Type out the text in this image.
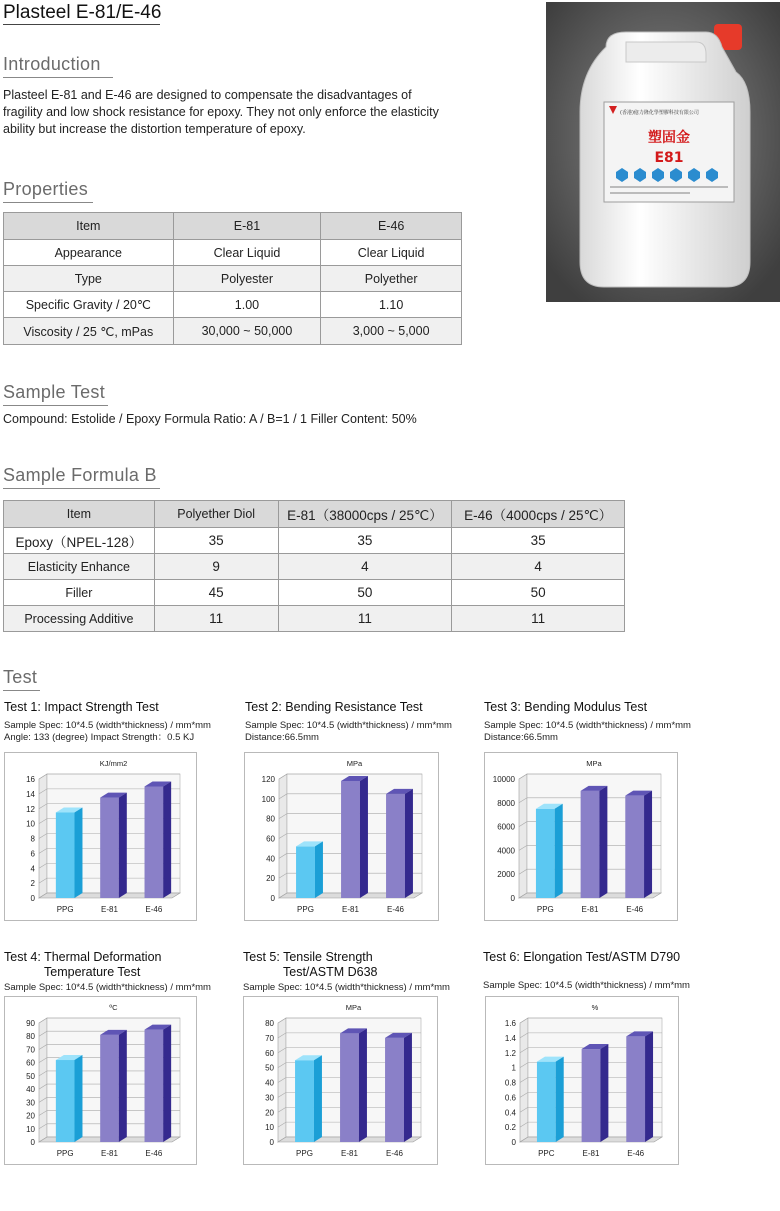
Plasteel E-81/E-46
Introduction
Plasteel E-81 and E-46 are designed to compensate the disadvantages of fragility and low shock resistance for epoxy. They not only enforce the elasticity ability but increase the distortion temperature of epoxy.
(香港)億力隆化學塑膠科技有限公司
塑固金
E81
Properties
Item	E-81	E-46
Appearance	Clear Liquid	Clear Liquid
Type	Polyester	Polyether
Specific Gravity / 20℃	1.00	1.10
Viscosity / 25 ℃, mPas	30,000 ~ 50,000	3,000 ~ 5,000
Sample Test
Compound: Estolide / Epoxy Formula Ratio: A / B=1 / 1 Filler Content: 50%
Sample Formula B
Item	Polyether Diol	E-81（38000cps / 25℃）	E-46（4000cps / 25℃）
Epoxy（NPEL-128）	35	35	35
Elasticity Enhance	9	4	4
Filler	45	50	50
Processing Additive	11	11	11
Test
Test 1: Impact Strength Test
Sample Spec: 10*4.5 (width*thickness) / mm*mm
Angle: 133 (degree) Impact Strength：0.5 KJ
Test 2: Bending Resistance Test
Sample Spec: 10*4.5 (width*thickness) / mm*mm
Distance:66.5mm
Test 3: Bending Modulus Test
Sample Spec: 10*4.5 (width*thickness) / mm*mm
Distance:66.5mm
Test 4: Thermal Deformation
Temperature Test
Sample Spec: 10*4.5 (width*thickness) / mm*mm
Test 5: Tensile Strength
Test/ASTM D638
Sample Spec: 10*4.5 (width*thickness) / mm*mm
Test 6: Elongation Test/ASTM D790
Sample Spec: 10*4.5 (width*thickness) / mm*mm
0
2
4
6
8
10
12
14
16
KJ/mm2
PPG	E-81	E-46
0
20
40
60
80
100
120
MPa
PPG	E-81	E-46
0
2000
4000
6000
8000
10000
MPa
PPG	E-81	E-46
0
10
20
30
40
50
60
70
80
90
ºC
PPG	E-81	E-46
0
10
20
30
40
50
60
70
80
MPa
PPG	E-81	E-46
0
0.2
0.4
0.6
0.8
1
1.2
1.4
1.6
%
PPC	E-81	E-46
